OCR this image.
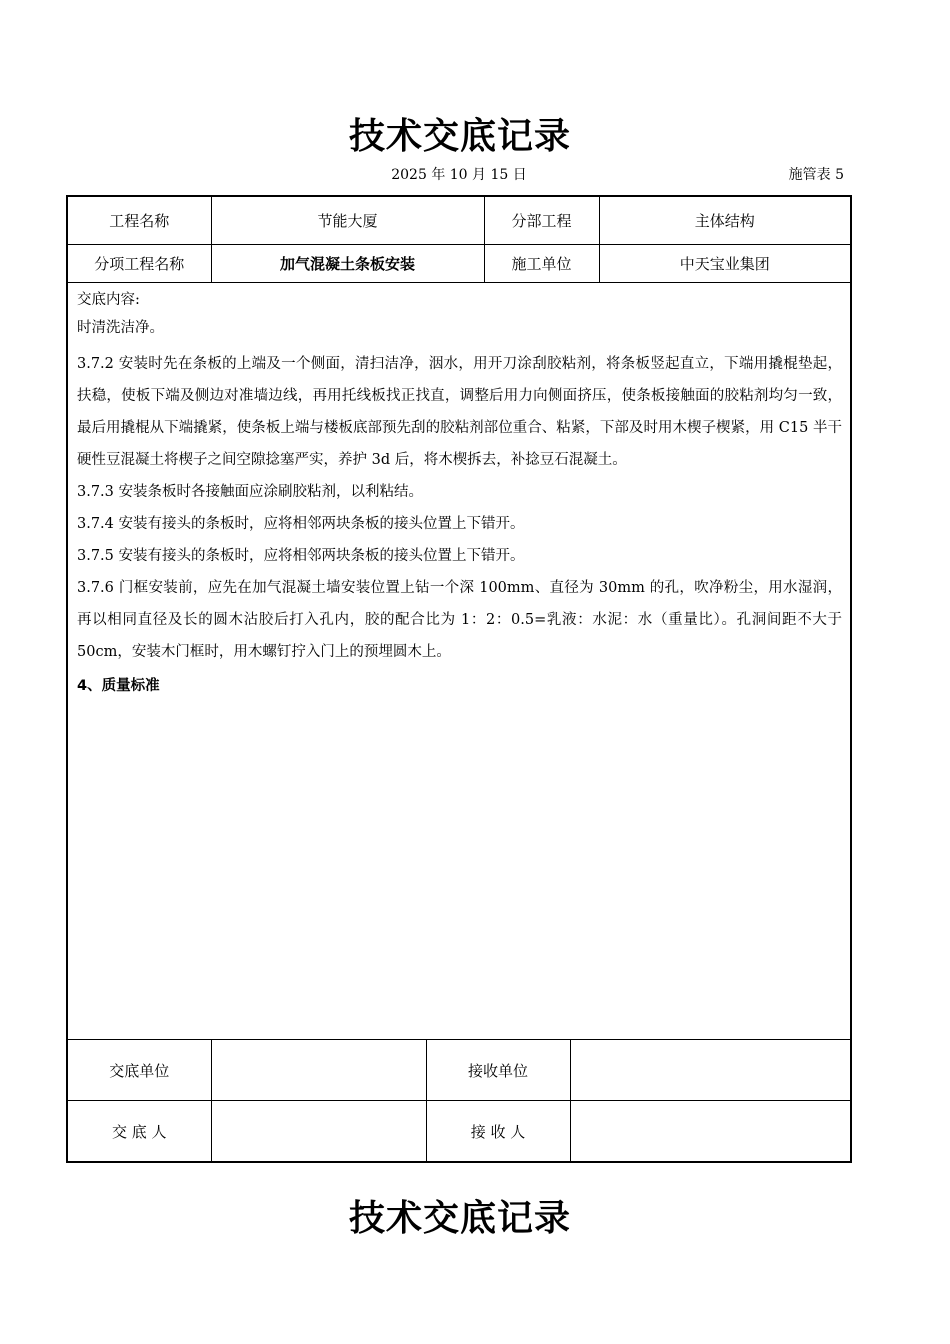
技术交底记录
2025 年 10 月 15 日	施管表 5
工程名称	节能大厦	分部工程	主体结构
分项工程名称	加气混凝土条板安装	施工单位	中天宝业集团

交底内容:

时清洗洁净。

3.7.2 安装时先在条板的上端及一个侧面，清扫洁净，洇水，用开刀涂刮胶粘剂，将条板竖起直立，下端用撬棍垫起，扶稳，使板下端及侧边对准墙边线，再用托线板找正找直，调整后用力向侧面挤压，使条板接触面的胶粘剂均匀一致，最后用撬棍从下端撬紧，使条板上端与楼板底部预先刮的胶粘剂部位重合、粘紧，下部及时用木楔子楔紧，用 C15 半干硬性豆混凝土将楔子之间空隙捻塞严实，养护 3d 后，将木楔拆去，补捻豆石混凝土。

3.7.3 安装条板时各接触面应涂刷胶粘剂，以利粘结。

3.7.4 安装有接头的条板时，应将相邻两块条板的接头位置上下错开。

3.7.5 安装有接头的条板时，应将相邻两块条板的接头位置上下错开。

3.7.6 门框安装前，应先在加气混凝土墙安装位置上钻一个深 100mm、直径为 30mm 的孔，吹净粉尘，用水湿润，再以相同直径及长的圆木沾胶后打入孔内，胶的配合比为 1：2：0.5=乳液：水泥：水（重量比）。孔洞间距不大于 50cm，安装木门框时，用木螺钉拧入门上的预埋圆木上。

4、质量标准

交底单位		接收单位	
交 底 人		接 收 人	
技术交底记录
